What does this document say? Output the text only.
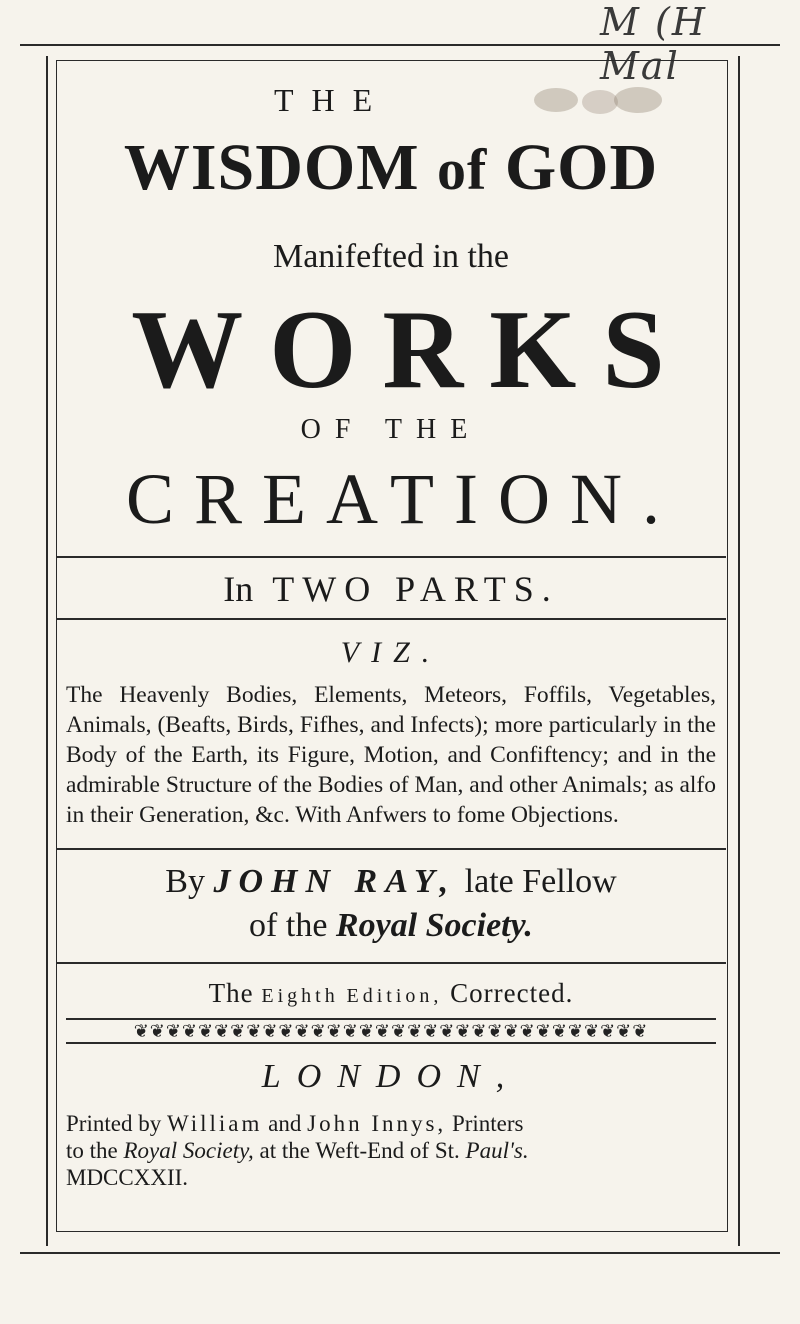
M (H Mal
THE
WISDOM of GOD
Manifefted in the
WORKS
OF THE
CREATION.
In TWO PARTS.
VIZ.

The Heavenly Bodies, Elements, Meteors, Foffils, Vegetables, Animals, (Beafts, Birds, Fifhes, and Infects); more particularly in the Body of the Earth, its Figure, Motion, and Confiftency; and in the admirable Structure of the Bodies of Man, and other Animals; as alfo in their Generation, &c. With Anfwers to fome Objections.

By JOHN RAY, late Fellow
of the Royal Society.
The Eighth Edition, Corrected.
❦❦❦❦❦❦❦❦❦❦❦❦❦❦❦❦❦❦❦❦❦❦❦❦❦❦❦❦❦❦❦❦
LONDON,
Printed by William and John Innys, Printers
to the Royal Society, at the Weft-End of St. Paul's.
MDCCXXII.
